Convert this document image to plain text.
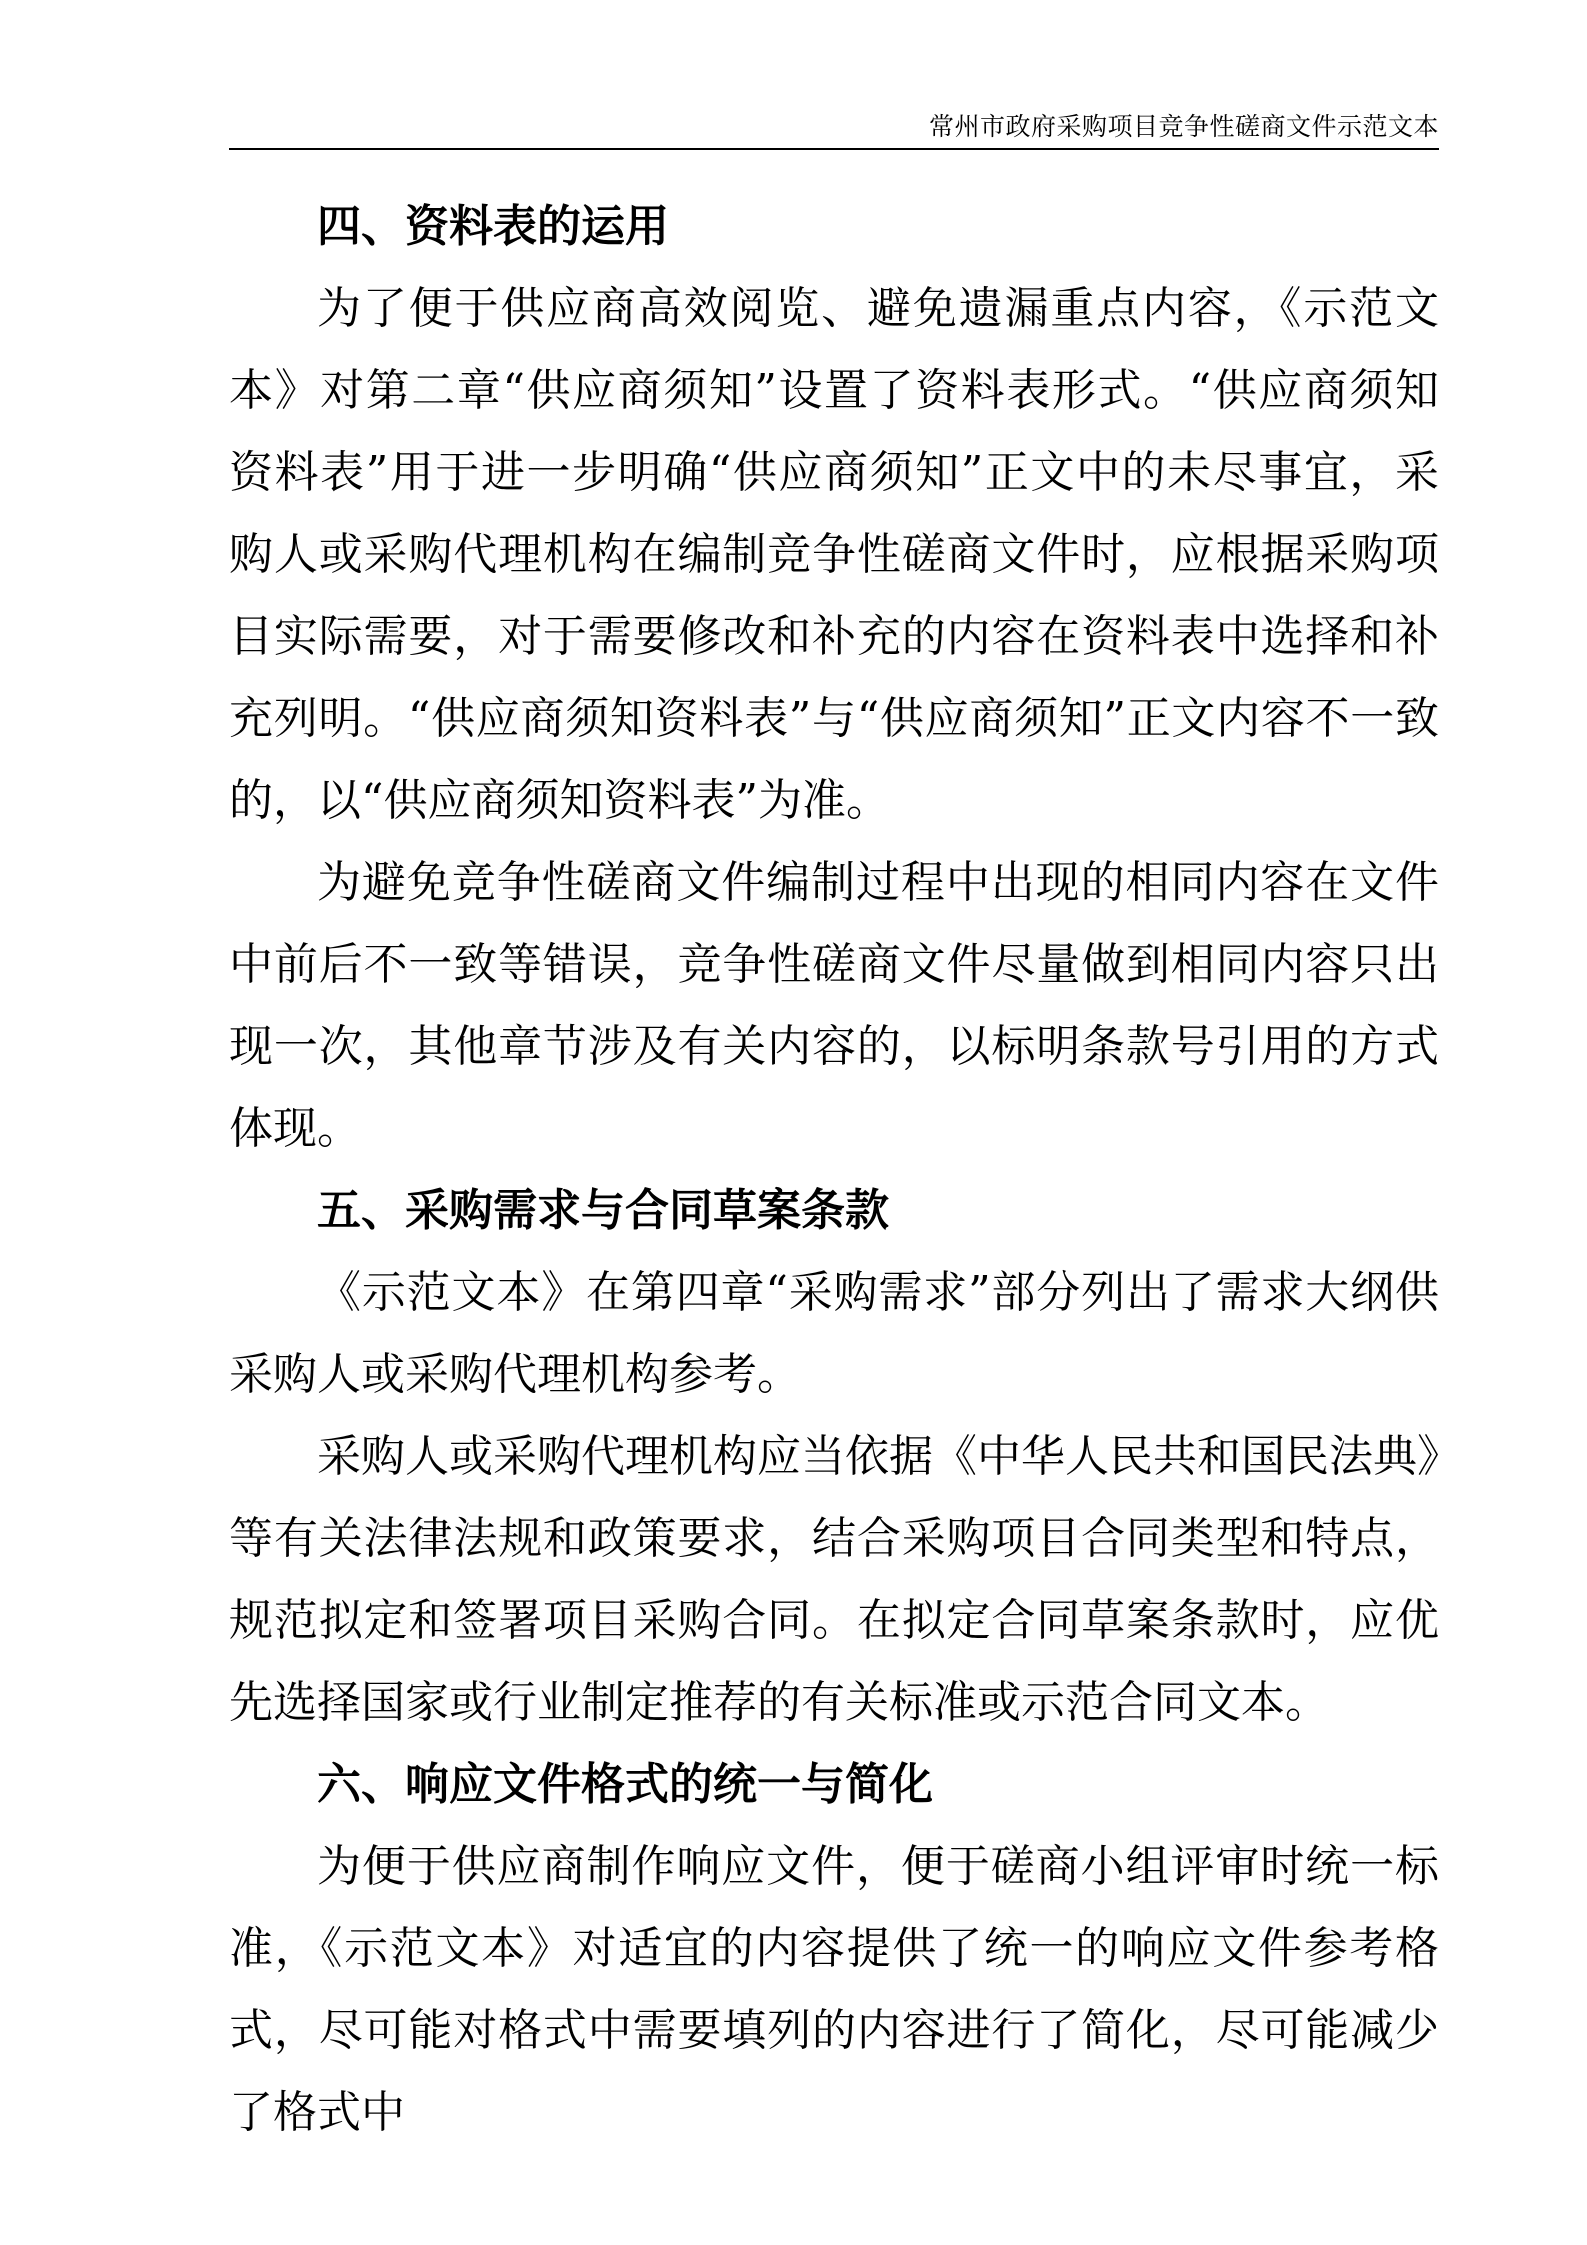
常州市政府采购项目竞争性磋商文件示范文本

四、资料表的运用

为了便于供应商高效阅览、避免遗漏重点内容，《示范文本》对第二章“供应商须知”设置了资料表形式。“供应商须知资料表”用于进一步明确“供应商须知”正文中的未尽事宜，采购人或采购代理机构在编制竞争性磋商文件时，应根据采购项目实际需要，对于需要修改和补充的内容在资料表中选择和补充列明。“供应商须知资料表”与“供应商须知”正文内容不一致的，以“供应商须知资料表”为准。

为避免竞争性磋商文件编制过程中出现的相同内容在文件中前后不一致等错误，竞争性磋商文件尽量做到相同内容只出现一次，其他章节涉及有关内容的，以标明条款号引用的方式体现。

五、采购需求与合同草案条款

《示范文本》在第四章“采购需求”部分列出了需求大纲供采购人或采购代理机构参考。

采购人或采购代理机构应当依据《中华人民共和国民法典》等有关法律法规和政策要求，结合采购项目合同类型和特点，规范拟定和签署项目采购合同。在拟定合同草案条款时，应优先选择国家或行业制定推荐的有关标准或示范合同文本。

六、响应文件格式的统一与简化

为便于供应商制作响应文件，便于磋商小组评审时统一标准，《示范文本》对适宜的内容提供了统一的响应文件参考格式，尽可能对格式中需要填列的内容进行了简化，尽可能减少了格式中
